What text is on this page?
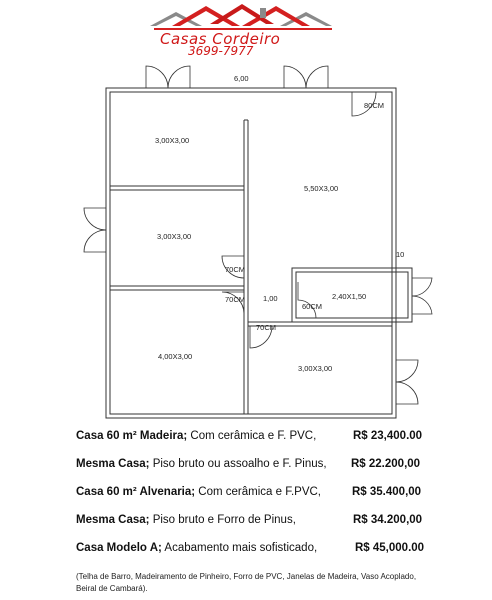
Casas Cordeiro
3699-7977
6,00
10
3,00X3,00
3,00X3,00
4,00X3,00
5,50X3,00
3,00X3,00
2,40X1,50
1,00
80CM
70CM
70CM
70CM
60CM
Casa 60 m² Madeira; Com cerâmica e F. PVC,	R$ 23,400.00
Mesma Casa; Piso bruto ou assoalho e F. Pinus, R$ 22.200,00
Casa 60 m² Alvenaria; Com cerâmica e F.PVC,	R$ 35.400,00
Mesma Casa; Piso bruto e Forro de Pinus,	R$ 34.200,00
Casa Modelo A; Acabamento mais sofisticado,	R$ 45,000.00
(Telha de Barro, Madeiramento de Pinheiro, Forro de PVC, Janelas de Madeira, Vaso Acoplado, Beiral de Cambará).
